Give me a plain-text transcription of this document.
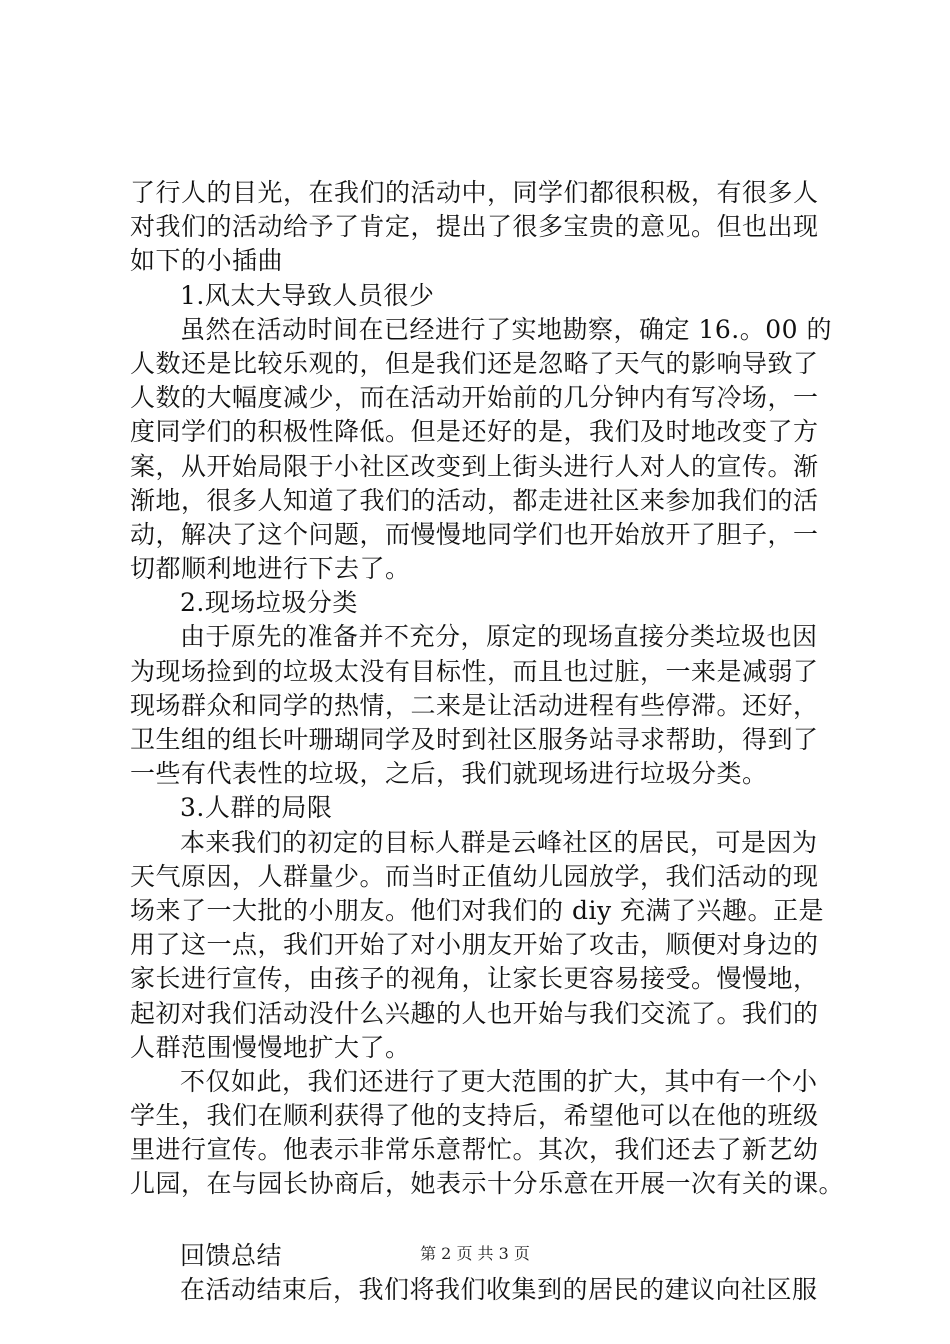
了行人的目光，在我们的活动中，同学们都很积极，有很多人
对我们的活动给予了肯定，提出了很多宝贵的意见。但也出现
如下的小插曲
1.风太大导致人员很少
虽然在活动时间在已经进行了实地勘察，确定 16.。00 的
人数还是比较乐观的，但是我们还是忽略了天气的影响导致了
人数的大幅度减少，而在活动开始前的几分钟内有写冷场，一
度同学们的积极性降低。但是还好的是，我们及时地改变了方
案，从开始局限于小社区改变到上街头进行人对人的宣传。渐
渐地，很多人知道了我们的活动，都走进社区来参加我们的活
动，解决了这个问题，而慢慢地同学们也开始放开了胆子，一
切都顺利地进行下去了。
2.现场垃圾分类
由于原先的准备并不充分，原定的现场直接分类垃圾也因
为现场捡到的垃圾太没有目标性，而且也过脏，一来是减弱了
现场群众和同学的热情，二来是让活动进程有些停滞。还好，
卫生组的组长叶珊瑚同学及时到社区服务站寻求帮助，得到了
一些有代表性的垃圾，之后，我们就现场进行垃圾分类。
3.人群的局限
本来我们的初定的目标人群是云峰社区的居民，可是因为
天气原因，人群量少。而当时正值幼儿园放学，我们活动的现
场来了一大批的小朋友。他们对我们的 diy 充满了兴趣。正是
用了这一点，我们开始了对小朋友开始了攻击，顺便对身边的
家长进行宣传，由孩子的视角，让家长更容易接受。慢慢地，
起初对我们活动没什么兴趣的人也开始与我们交流了。我们的
人群范围慢慢地扩大了。
不仅如此，我们还进行了更大范围的扩大，其中有一个小
学生，我们在顺利获得了他的支持后，希望他可以在他的班级
里进行宣传。他表示非常乐意帮忙。其次，我们还去了新艺幼
儿园，在与园长协商后，她表示十分乐意在开展一次有关的课。
回馈总结
在活动结束后，我们将我们收集到的居民的建议向社区服
第 2 页 共 3 页
